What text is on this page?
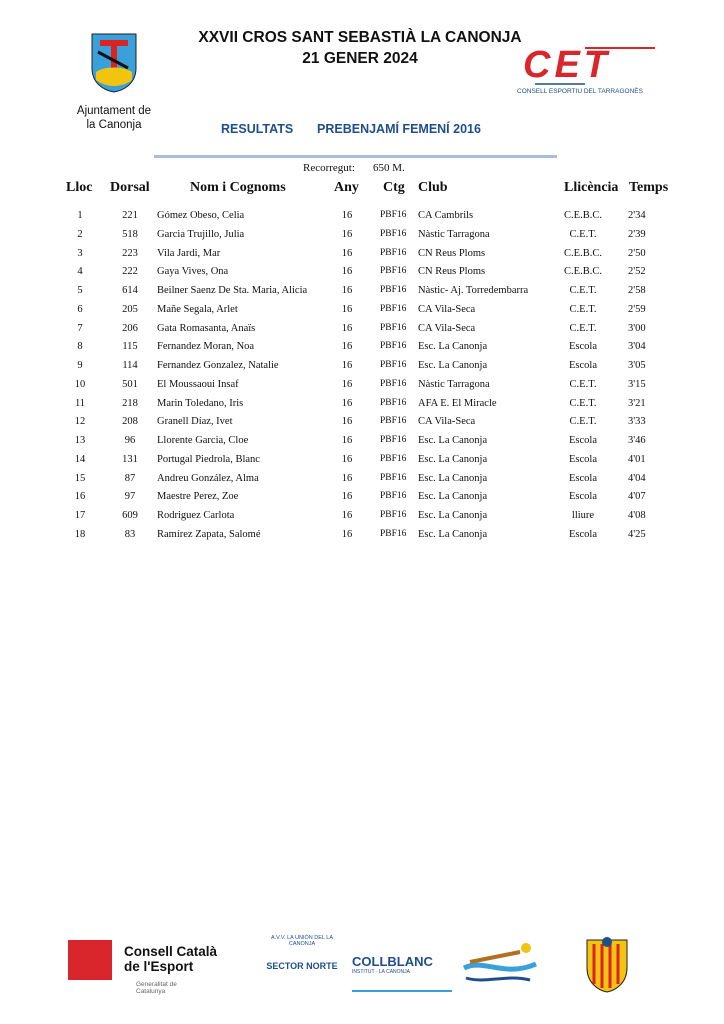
Ajuntament de
la Canonja
XXVII CROS SANT SEBASTIÀ LA CANONJA
21 GENER 2024	CET
CONSELL ESPORTIU DEL TARRAGONÈS
RESULTATS PREBENJAMÍ FEMENÍ 2016
Recorregut: 650 M.
Lloc Dorsal	Nom i Cognoms	Any Ctg Club	Llicència Temps
1	221	Gómez Obeso, Celia	16	PBF16 CA Cambrils	C.E.B.C.	2'34
2	518	Garcia Trujillo, Julia	16	PBF16 Nàstic Tarragona	C.E.T.	2'39
3	223	Vila Jardi, Mar	16	PBF16 CN Reus Ploms	C.E.B.C.	2'50
4	222	Gaya Vives, Ona	16	PBF16 CN Reus Ploms	C.E.B.C.	2'52
5	614	Beilner Saenz De Sta. Maria, Alicia	16	PBF16 Nàstic- Aj. Torredembarra	C.E.T.	2'58
6	205	Mañe Segala, Arlet	16	PBF16 CA Vila-Seca	C.E.T.	2'59
7	206	Gata Romasanta, Anaïs	16	PBF16 CA Vila-Seca	C.E.T.	3'00
8	115	Fernandez Moran, Noa	16	PBF16 Esc. La Canonja	Escola	3'04
9	114	Fernandez Gonzalez, Natalie	16	PBF16 Esc. La Canonja	Escola	3'05
10	501	El Moussaoui Insaf	16	PBF16 Nàstic Tarragona	C.E.T.	3'15
11	218	Marin Toledano, Iris	16	PBF16 AFA E. El Miracle	C.E.T.	3'21
12	208	Granell Díaz, Ivet	16	PBF16 CA Vila-Seca	C.E.T.	3'33
13	96	Llorente Garcia, Cloe	16	PBF16 Esc. La Canonja	Escola	3'46
14	131	Portugal Piedrola, Blanc	16	PBF16 Esc. La Canonja	Escola	4'01
15	87	Andreu González, Alma	16	PBF16 Esc. La Canonja	Escola	4'04
16	97	Maestre Perez, Zoe	16	PBF16 Esc. La Canonja	Escola	4'07
17	609	Rodriguez Carlota	16	PBF16 Esc. La Canonja	lliure	4'08
18	83	Ramírez Zapata, Salomé	16	PBF16 Esc. La Canonja	Escola	4'25
Consell Català
de l'Esport
Generalitat de Catalunya
A.V.V. LA UNIÓN DEL LA CANONJA
SECTOR NORTE COLLBLANC
INSTITUT · LA CANONJA
